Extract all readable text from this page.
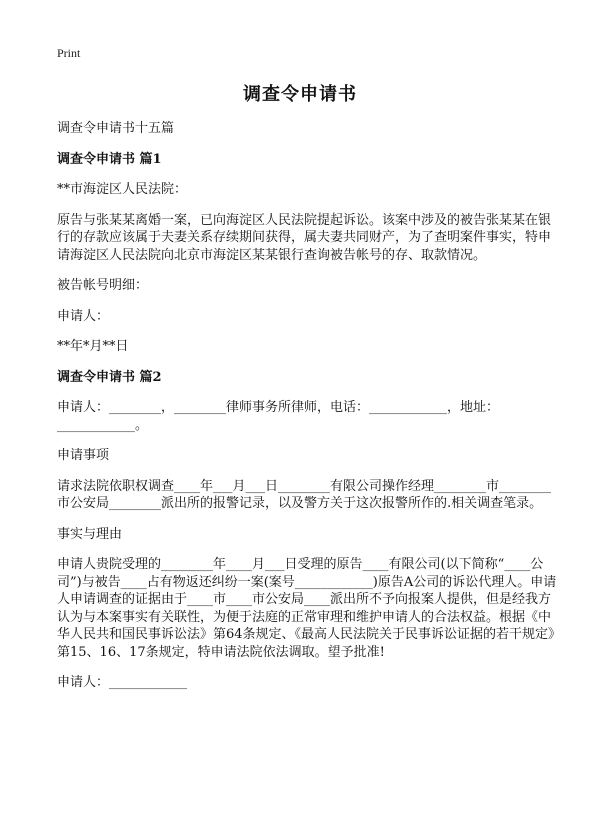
Print
调查令申请书

调查令申请书十五篇

调查令申请书 篇1

**市海淀区人民法院：

原告与张某某离婚一案，已向海淀区人民法院提起诉讼。该案中涉及的被告张某某在银行的存款应该属于夫妻关系存续期间获得，属夫妻共同财产，为了查明案件事实，特申请海淀区人民法院向北京市海淀区某某银行查询被告帐号的存、取款情况。

被告帐号明细：

申请人：

**年*月**日

调查令申请书 篇2

申请人：________，________律师事务所律师，电话：____________，地址：____________。

申请事项

请求法院依职权调查____年___月___日________有限公司操作经理________市________市公安局________派出所的报警记录，以及警方关于这次报警所作的.相关调查笔录。

事实与理由

申请人贵院受理的________年____月___日受理的原告____有限公司(以下简称“____公司”)与被告____占有物返还纠纷一案(案号____________)原告A公司的诉讼代理人。申请人申请调查的证据由于____市____市公安局____派出所不予向报案人提供，但是经我方认为与本案事实有关联性，为便于法庭的正常审理和维护申请人的合法权益。根据《中华人民共和国民事诉讼法》第64条规定、《最高人民法院关于民事诉讼证据的若干规定》第15、16、17条规定，特申请法院依法调取。望予批准!

申请人：____________
